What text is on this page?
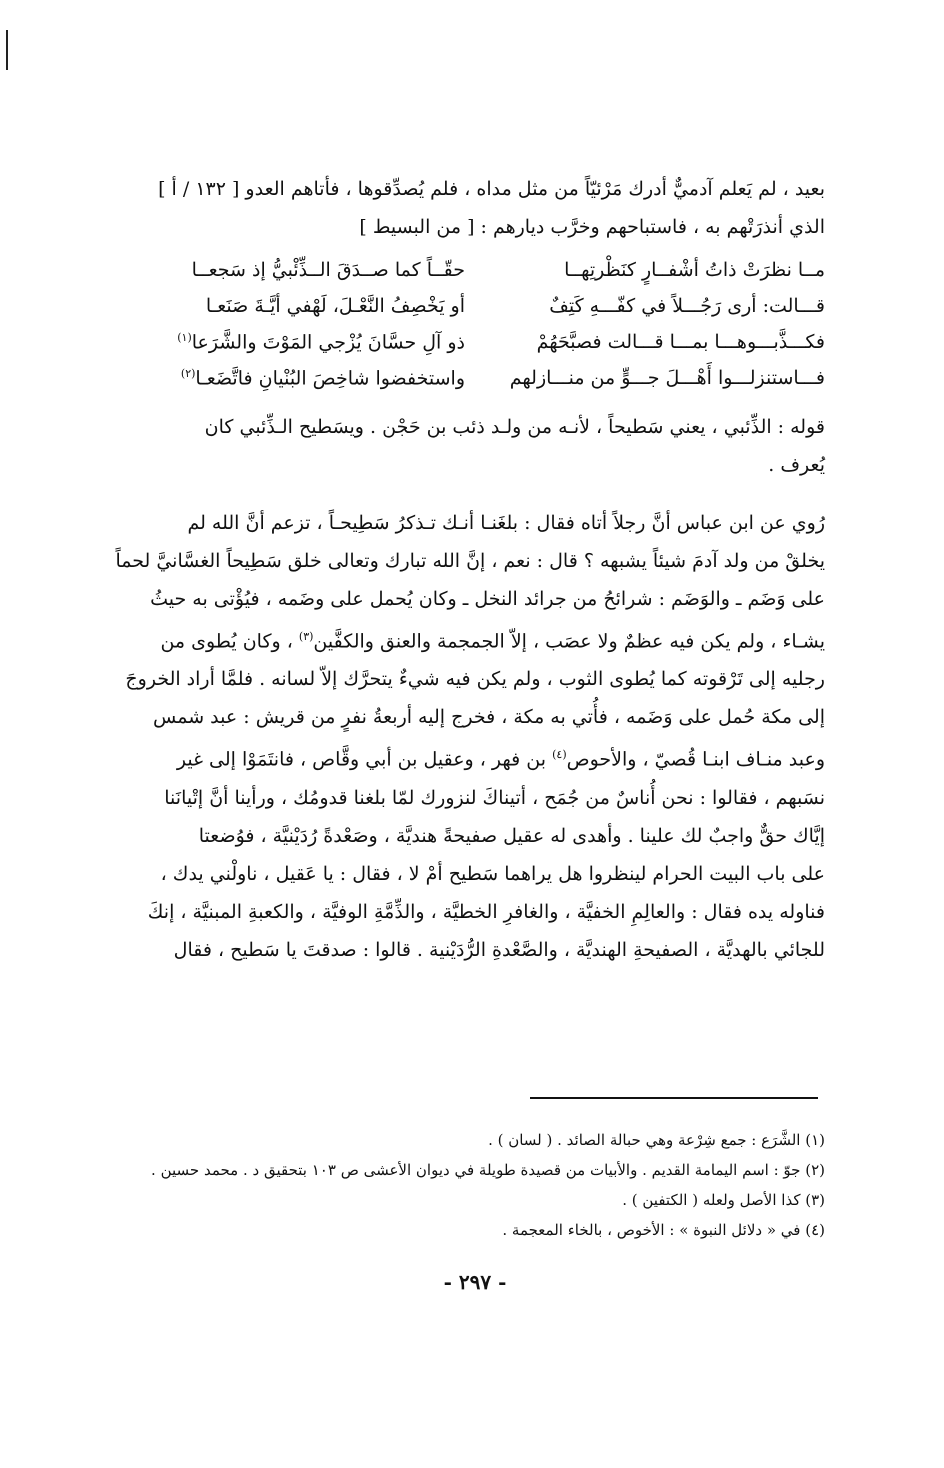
بعيد ، لم يَعلم آدميٌّ أدرك مَرْئيّاً من مثل مداه ، فلم يُصدِّقوها ، فأتاهم العدو [ ١٣٢ / أ ]

الذي أنذرَتْهم به ، فاستباحهم وخرَّب ديارهم : [ من البسيط ]

مــا نظرَتْ ذاتُ أشْفــارٍ كنَظْرتِهــا
حقّــاً كما صــدَقَ الــذِّئْبيُّ إذ سَجعــا
قـــالت: أرى رَجُـــلاً في كفّـــهِ كَتِفٌ
أو يَخْصِفُ النَّعْـلَ، لَهْفي أيَّـةَ صَنَعـا
فكـــذَّبـــوهـــا بمـــا قـــالت فصبَّحَهُمْ
ذو آلِ حسَّانَ يُزْجي المَوْتَ والشَّرَعا$^{(١)}$
فـــاستنزلـــوا أَهْـــلَ جـــوٍّ من منـــازلهم
واستخفضوا شاخِصَ البُنْيانِ فاتَّضَعـا$^{(٢)}$

قوله : الذِّئبي ، يعني سَطيحاً ، لأنـه من ولـد ذئب بن حَجْن . ويسَطيح الـذِّئبي كان

يُعرف .

رُوي عن ابن عباس أنَّ رجلاً أتاه فقال : بلغَنـا أنـك تـذكرُ سَطِيحـاً ، تزعم أنَّ الله لم

يخلقْ من ولد آدمَ شيئاً يشبهه ؟ قال : نعم ، إنَّ الله تبارك وتعالى خلق سَطِيحاً الغسَّانيَّ لحماً

على وَضَم ـ والوَضَم : شرائحُ من جرائد النخل ـ وكان يُحمل على وضَمه ، فيُؤْتى به حيثُ

يشـاء ، ولم يكن فيه عظمٌ ولا عصَب ، إلاّ الجمجمة والعنق والكفَّين$^{(٣)}$ ، وكان يُطوى من

رجليه إلى تَرْقوته كما يُطوى الثوب ، ولم يكن فيه شيءٌ يتحرَّك إلاّ لسانه . فلمَّا أراد الخروجَ

إلى مكة حُمل على وَضَمه ، فأُتي به مكة ، فخرج إليه أربعةُ نفرٍ من قريش : عبد شمس

وعبد منـاف ابنـا قُصيّ ، والأحوص$^{(٤)}$ بن فهر ، وعقيل بن أبي وقَّاص ، فانتَمَوْا إلى غير

نسَبهم ، فقالوا : نحن أُناسٌ من جُمَح ، أتيناكَ لنزورك لمّا بلغنا قدومُك ، ورأينا أنَّ إتْيانَنا

إيَّاك حقٌّ واجبٌ لك علينا . وأهدى له عقيل صفيحةً هنديَّة ، وصَعْدةً رُدَيْنيَّة ، فوُضعتا

على باب البيت الحرام لينظروا هل يراهما سَطيح أمْ لا ، فقال : يا عَقيل ، ناولْني يدك ،

فناوله يده فقال : والعالِمِ الخفيَّة ، والغافرِ الخطيَّة ، والذِّمَّةِ الوفيَّة ، والكعبةِ المبنيَّة ، إنكَ

للجائي بالهديَّة ، الصفيحةِ الهنديَّة ، والصَّعْدةِ الرُّدَيْنية . قالوا : صدقتَ يا سَطيح ، فقال

(١) الشَّرَع : جمع شِرْعة وهي حبالة الصائد . ( لسان ) .

(٢) جوّ : اسم اليمامة القديم . والأبيات من قصيدة طويلة في ديوان الأعشى ص ١٠٣ بتحقيق د . محمد حسين .

(٣) كذا الأصل ولعله ( الكتفين ) .

(٤) في « دلائل النبوة » : الأخوص ، بالخاء المعجمة .

- ٢٩٧ -
